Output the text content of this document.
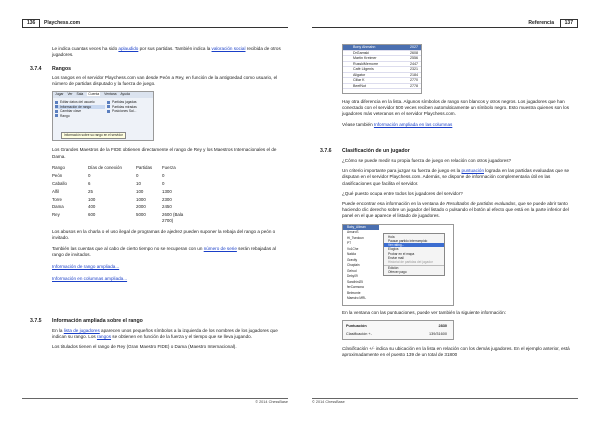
136	Playchess.com

Le indica cuantas veces ha sido aplaudido por sus partidas. También indica la valoración social recibida de otros jugadores.

3.7.4 Rangos

Los rangos en el servidor Playchess.com van desde Peón a Rey, en función de la antigüedad como usuario, el número de partidas disputado y la fuerza de juego.

Jugar Ver Sala Cuenta Ventana Ayuda
Editar datos del usuario
Información de rango
Cambiar clave
Rango
Partidas jugadas
Partidas miradas
Posiciones Sal...
Información sobre su rango en el servidor

Los Grandes Maestros de la FIDE obtienen directamente el rango de Rey y los Maestros Internacionales el de Dama.

Rango	Días de conexión	Partidas	Fuerza
Peón	0	0	0
Caballo	6	10	0
Alfil	25	100	1300
Torre	100	1000	2300
Dama	400	2000	2450
Rey	600	5000	2600 (Bala 2700)

Los abusos en la charla o el uso ilegal de programas de ajedrez pueden suponer la rebaja del rango a peón o invitado.

También las cuentas que al cabo de cierto tiempo no se recuperan con un número de serie serán rebajadas al rango de invitados.

Información de rango ampliada...

Información en columnas ampliada...

3.7.5 Información ampliada sobre el rango

En la lista de jugadores aparecen unos pequeños símbolos a la izquierda de los nombres de los jugadores que indican su rango. Los rangos se obtienen en función de la fuerza y el tiempo que se lleva jugando.

Los titulados tienen el rango de Rey (Gran Maestro FIDE) o Dama (Maestro Internacional).

© 2014 ChessBase
Referencia	137
Bony Ahmahn	2027
DrGamski	2608
Martin Kreimer	2556
RusskiMemorre	2447
Café Lilgenis	2321
Aligator	2184
Cillar K	2770
BeefNot	2778

Hay otra diferencia en la lista. Algunos símbolos de rango son blancos y otros negros. Los jugadores que han conectado con el servidor 500 veces reciben automáticamente un símbolo negro. Esto muestra quienes son los jugadores más veteranos en el servidor Playchess.com.

Véase también Información ampliada en las columnas

3.7.6 Clasificación de un jugador

¿Cómo se puede medir su propia fuerza de juego en relación con otros jugadores?

Un criterio importante para juzgar su fuerza de juego es la puntuación lograda en las partidas evaluadas que se disputan en el servidor Playchess.com. Además, se dispone de información complementaria útil en las clasificaciones que facilita el servidor.

¿Qué puesto ocupa entre todos los jugadores del servidor?

Puede encontrar esa información en la ventana de Resultados de partidas evaluadas, que se puede abrir tanto haciendo clic derecho sobre un jugador del listado o pulsando el botón al efecto que está en la parte inferior del panel en el que aparece el listado de jugadores.

Baby_Allman
AmuroS
Hi_Tsedoun
PT
Vo1Che
Nakila
Gravity
Chaplain
Gelrod
Deky09
Sandhini25
ferCarmona
Belmonte
Maestro MRL
Hola
Pausar partido interrumpido
Ver rating...
Elogios
Probar en el mapa
Enviar mail
Historial de partidas del jugador
Edición
Ofrecer pago

En la ventana con las puntuaciones, puede ver también la siguiente información:

Puntuación	2830
Clasificación +-	139/31600

Clasificación +/- indica su ubicación en la lista en relación con los demás jugadores. En el ejemplo anterior, está aproximadamente en el puesto 139 de un total de 31800

© 2014 ChessBase
